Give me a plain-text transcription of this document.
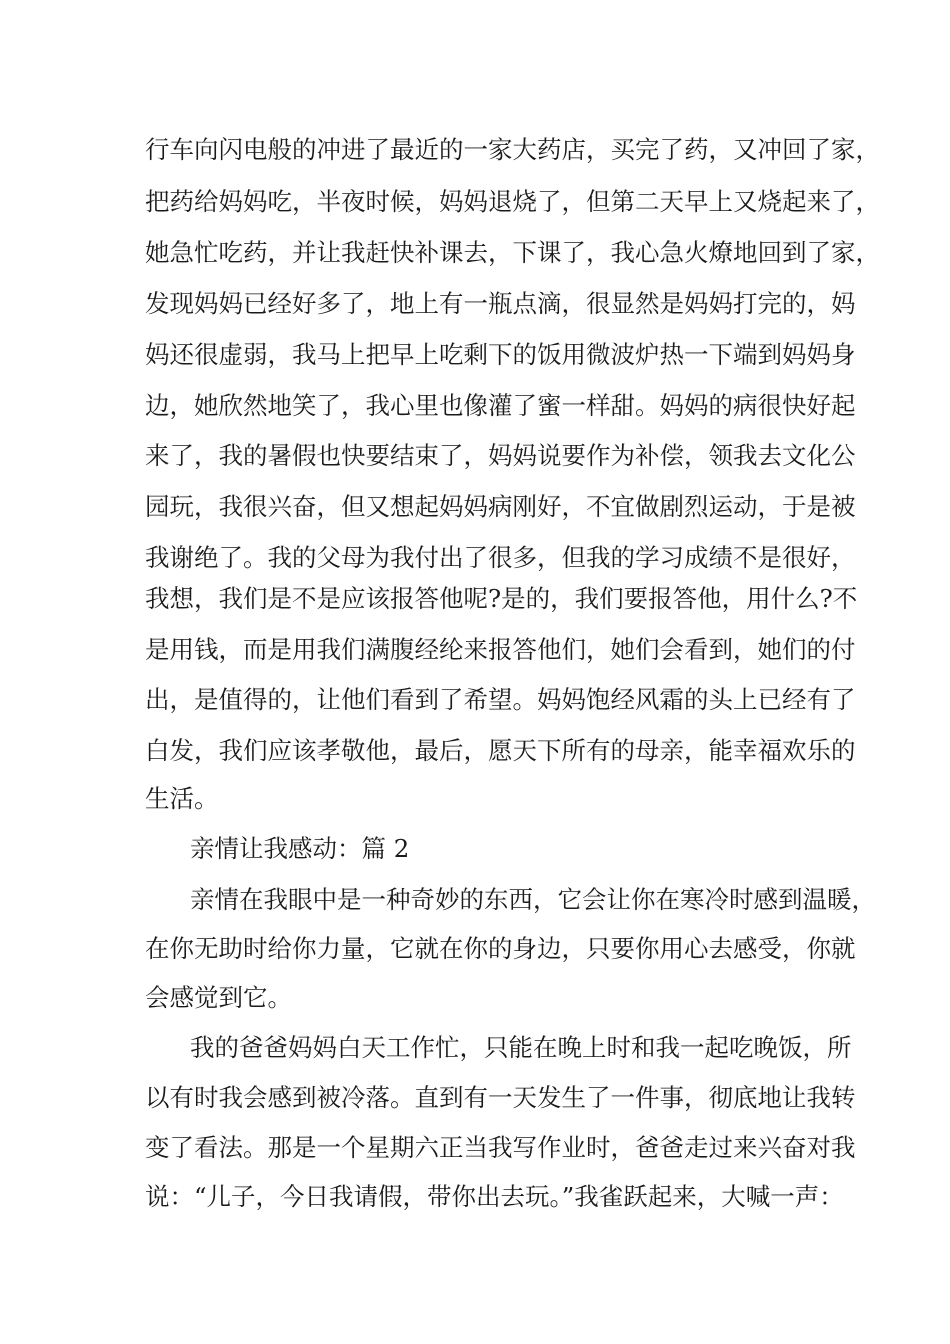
行车向闪电般的冲进了最近的一家大药店，买完了药，又冲回了家，
把药给妈妈吃，半夜时候，妈妈退烧了，但第二天早上又烧起来了，
她急忙吃药，并让我赶快补课去，下课了，我心急火燎地回到了家，
发现妈妈已经好多了，地上有一瓶点滴，很显然是妈妈打完的，妈
妈还很虚弱，我马上把早上吃剩下的饭用微波炉热一下端到妈妈身
边，她欣然地笑了，我心里也像灌了蜜一样甜。妈妈的病很快好起
来了，我的暑假也快要结束了，妈妈说要作为补偿，领我去文化公
园玩，我很兴奋，但又想起妈妈病刚好，不宜做剧烈运动，于是被
我谢绝了。我的父母为我付出了很多，但我的学习成绩不是很好，
我想，我们是不是应该报答他呢?是的，我们要报答他，用什么?不
是用钱，而是用我们满腹经纶来报答他们，她们会看到，她们的付
出，是值得的，让他们看到了希望。妈妈饱经风霜的头上已经有了
白发，我们应该孝敬他，最后，愿天下所有的母亲，能幸福欢乐的
生活。
亲情让我感动：篇 2
亲情在我眼中是一种奇妙的东西，它会让你在寒冷时感到温暖，
在你无助时给你力量，它就在你的身边，只要你用心去感受，你就
会感觉到它。
我的爸爸妈妈白天工作忙，只能在晚上时和我一起吃晚饭，所
以有时我会感到被冷落。直到有一天发生了一件事，彻底地让我转
变了看法。那是一个星期六正当我写作业时，爸爸走过来兴奋对我
说：“儿子，今日我请假，带你出去玩。”我雀跃起来，大喊一声：
